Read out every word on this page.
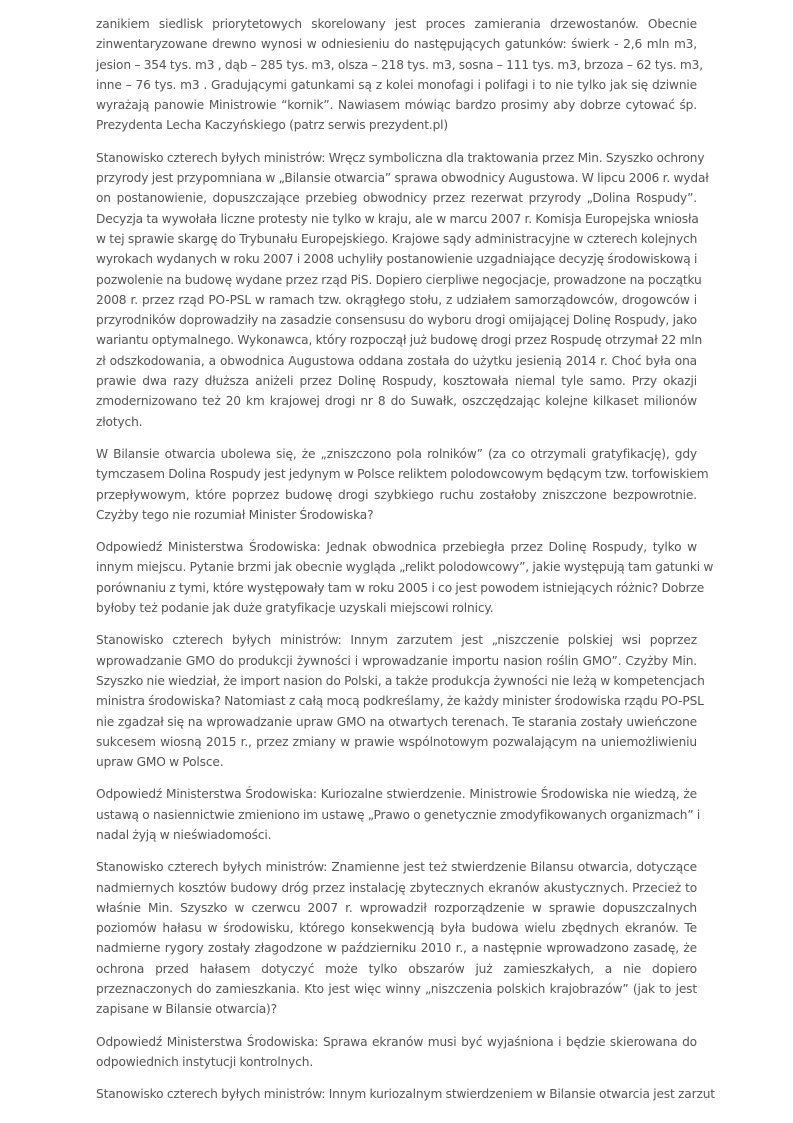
zanikiem siedlisk priorytetowych skorelowany jest proces zamierania drzewostanów. Obecnie
zinwentaryzowane drewno wynosi w odniesieniu do następujących gatunków: świerk - 2,6 mln m3,
jesion – 354 tys. m3 , dąb – 285 tys. m3, olsza – 218 tys. m3, sosna – 111 tys. m3, brzoza – 62 tys. m3,
inne – 76 tys. m3 . Gradującymi gatunkami są z kolei monofagi i polifagi i to nie tylko jak się dziwnie
wyrażają panowie Ministrowie “kornik”. Nawiasem mówiąc bardzo prosimy aby dobrze cytować śp.
Prezydenta Lecha Kaczyńskiego (patrz serwis prezydent.pl)

Stanowisko czterech byłych ministrów: Wręcz symboliczna dla traktowania przez Min. Szyszko ochrony
przyrody jest przypomniana w „Bilansie otwarcia” sprawa obwodnicy Augustowa. W lipcu 2006 r. wydał
on postanowienie, dopuszczające przebieg obwodnicy przez rezerwat przyrody „Dolina Rospudy”.
Decyzja ta wywołała liczne protesty nie tylko w kraju, ale w marcu 2007 r. Komisja Europejska wniosła
w tej sprawie skargę do Trybunału Europejskiego. Krajowe sądy administracyjne w czterech kolejnych
wyrokach wydanych w roku 2007 i 2008 uchyliły postanowienie uzgadniające decyzję środowiskową i
pozwolenie na budowę wydane przez rząd PiS. Dopiero cierpliwe negocjacje, prowadzone na początku
2008 r. przez rząd PO-PSL w ramach tzw. okrągłego stołu, z udziałem samorządowców, drogowców i
przyrodników doprowadziły na zasadzie consensusu do wyboru drogi omijającej Dolinę Rospudy, jako
wariantu optymalnego. Wykonawca, który rozpoczął już budowę drogi przez Rospudę otrzymał 22 mln
zł odszkodowania, a obwodnica Augustowa oddana została do użytku jesienią 2014 r. Choć była ona
prawie dwa razy dłuższa aniżeli przez Dolinę Rospudy, kosztowała niemal tyle samo. Przy okazji
zmodernizowano też 20 km krajowej drogi nr 8 do Suwałk, oszczędzając kolejne kilkaset milionów
złotych.

W Bilansie otwarcia ubolewa się, że „zniszczono pola rolników” (za co otrzymali gratyfikację), gdy
tymczasem Dolina Rospudy jest jedynym w Polsce reliktem polodowcowym będącym tzw. torfowiskiem
przepływowym, które poprzez budowę drogi szybkiego ruchu zostałoby zniszczone bezpowrotnie.
Czyżby tego nie rozumiał Minister Środowiska?

Odpowiedź Ministerstwa Środowiska: Jednak obwodnica przebiegła przez Dolinę Rospudy, tylko w
innym miejscu. Pytanie brzmi jak obecnie wygląda „relikt polodowcowy”, jakie występują tam gatunki w
porównaniu z tymi, które występowały tam w roku 2005 i co jest powodem istniejących różnic? Dobrze
byłoby też podanie jak duże gratyfikacje uzyskali miejscowi rolnicy.

Stanowisko czterech byłych ministrów: Innym zarzutem jest „niszczenie polskiej wsi poprzez
wprowadzanie GMO do produkcji żywności i wprowadzanie importu nasion roślin GMO”. Czyżby Min.
Szyszko nie wiedział, że import nasion do Polski, a także produkcja żywności nie leżą w kompetencjach
ministra środowiska? Natomiast z całą mocą podkreślamy, że każdy minister środowiska rządu PO-PSL
nie zgadzał się na wprowadzanie upraw GMO na otwartych terenach. Te starania zostały uwieńczone
sukcesem wiosną 2015 r., przez zmiany w prawie wspólnotowym pozwalającym na uniemożliwieniu
upraw GMO w Polsce.

Odpowiedź Ministerstwa Środowiska: Kuriozalne stwierdzenie. Ministrowie Środowiska nie wiedzą, że
ustawą o nasiennictwie zmieniono im ustawę „Prawo o genetycznie zmodyfikowanych organizmach” i
nadal żyją w nieświadomości.

Stanowisko czterech byłych ministrów: Znamienne jest też stwierdzenie Bilansu otwarcia, dotyczące
nadmiernych kosztów budowy dróg przez instalację zbytecznych ekranów akustycznych. Przecież to
właśnie Min. Szyszko w czerwcu 2007 r. wprowadził rozporządzenie w sprawie dopuszczalnych
poziomów hałasu w środowisku, którego konsekwencją była budowa wielu zbędnych ekranów. Te
nadmierne rygory zostały złagodzone w październiku 2010 r., a następnie wprowadzono zasadę, że
ochrona przed hałasem dotyczyć może tylko obszarów już zamieszkałych, a nie dopiero
przeznaczonych do zamieszkania. Kto jest więc winny „niszczenia polskich krajobrazów” (jak to jest
zapisane w Bilansie otwarcia)?

Odpowiedź Ministerstwa Środowiska: Sprawa ekranów musi być wyjaśniona i będzie skierowana do
odpowiednich instytucji kontrolnych.

Stanowisko czterech byłych ministrów: Innym kuriozalnym stwierdzeniem w Bilansie otwarcia jest zarzut
